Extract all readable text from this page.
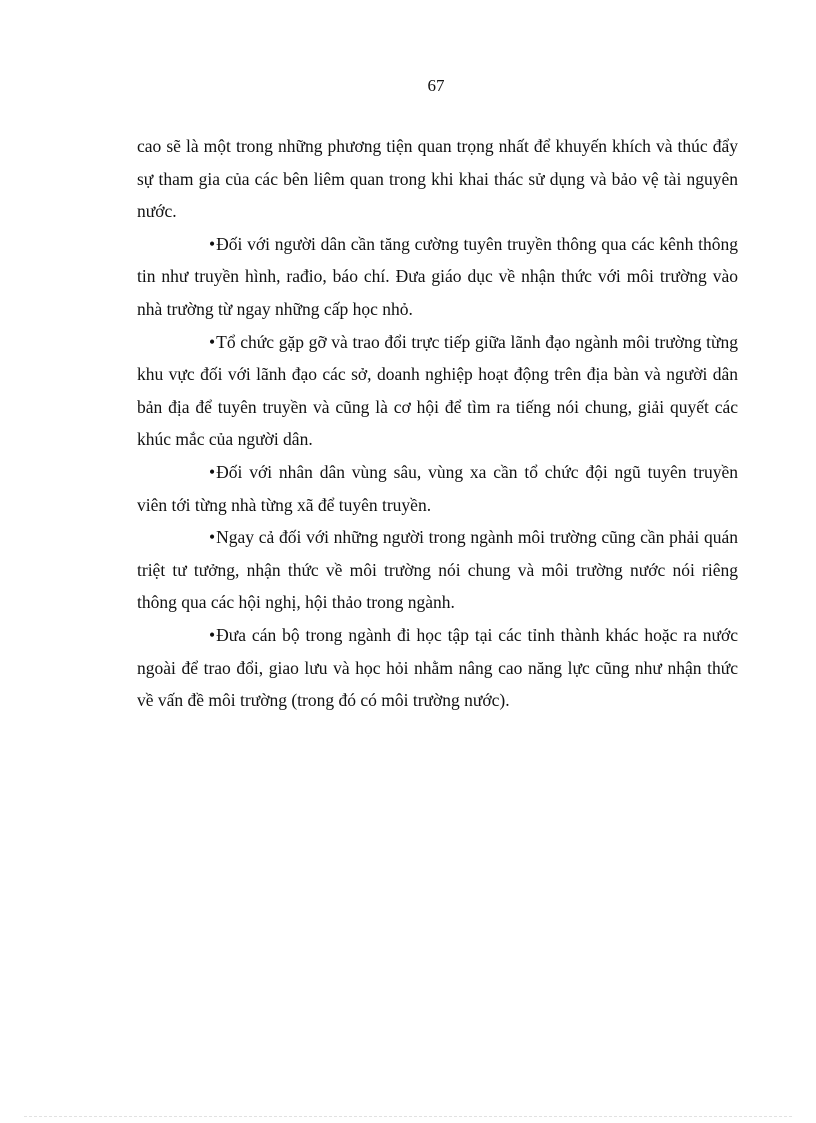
67

cao sẽ là một trong những phương tiện quan trọng nhất để khuyến khích và thúc đẩy sự tham gia của các bên liêm quan trong khi khai thác sử dụng và bảo vệ tài nguyên nước.

•Đối với người dân cần tăng cường tuyên truyền thông qua các kênh thông tin như truyền hình, rađio, báo chí. Đưa giáo dục về nhận thức với môi trường vào nhà trường từ ngay những cấp học nhỏ.

•Tổ chức gặp gỡ và trao đổi trực tiếp giữa lãnh đạo ngành môi trường từng khu vực đối với lãnh đạo các sở, doanh nghiệp hoạt động trên địa bàn và người dân bản địa để tuyên truyền và cũng là cơ hội để tìm ra tiếng nói chung, giải quyết các khúc mắc của người dân.

•Đối với nhân dân vùng sâu, vùng xa cần tổ chức đội ngũ tuyên truyền viên tới từng nhà từng xã để tuyên truyền.

•Ngay cả đối với những người trong ngành môi trường cũng cần phải quán triệt tư tưởng, nhận thức về môi trường nói chung và môi trường nước nói riêng thông qua các hội nghị, hội thảo trong ngành.

•Đưa cán bộ trong ngành đi học tập tại các tỉnh thành khác hoặc ra nước ngoài để trao đổi, giao lưu và học hỏi nhằm nâng cao năng lực cũng như nhận thức về vấn đề môi trường (trong đó có môi trường nước).
